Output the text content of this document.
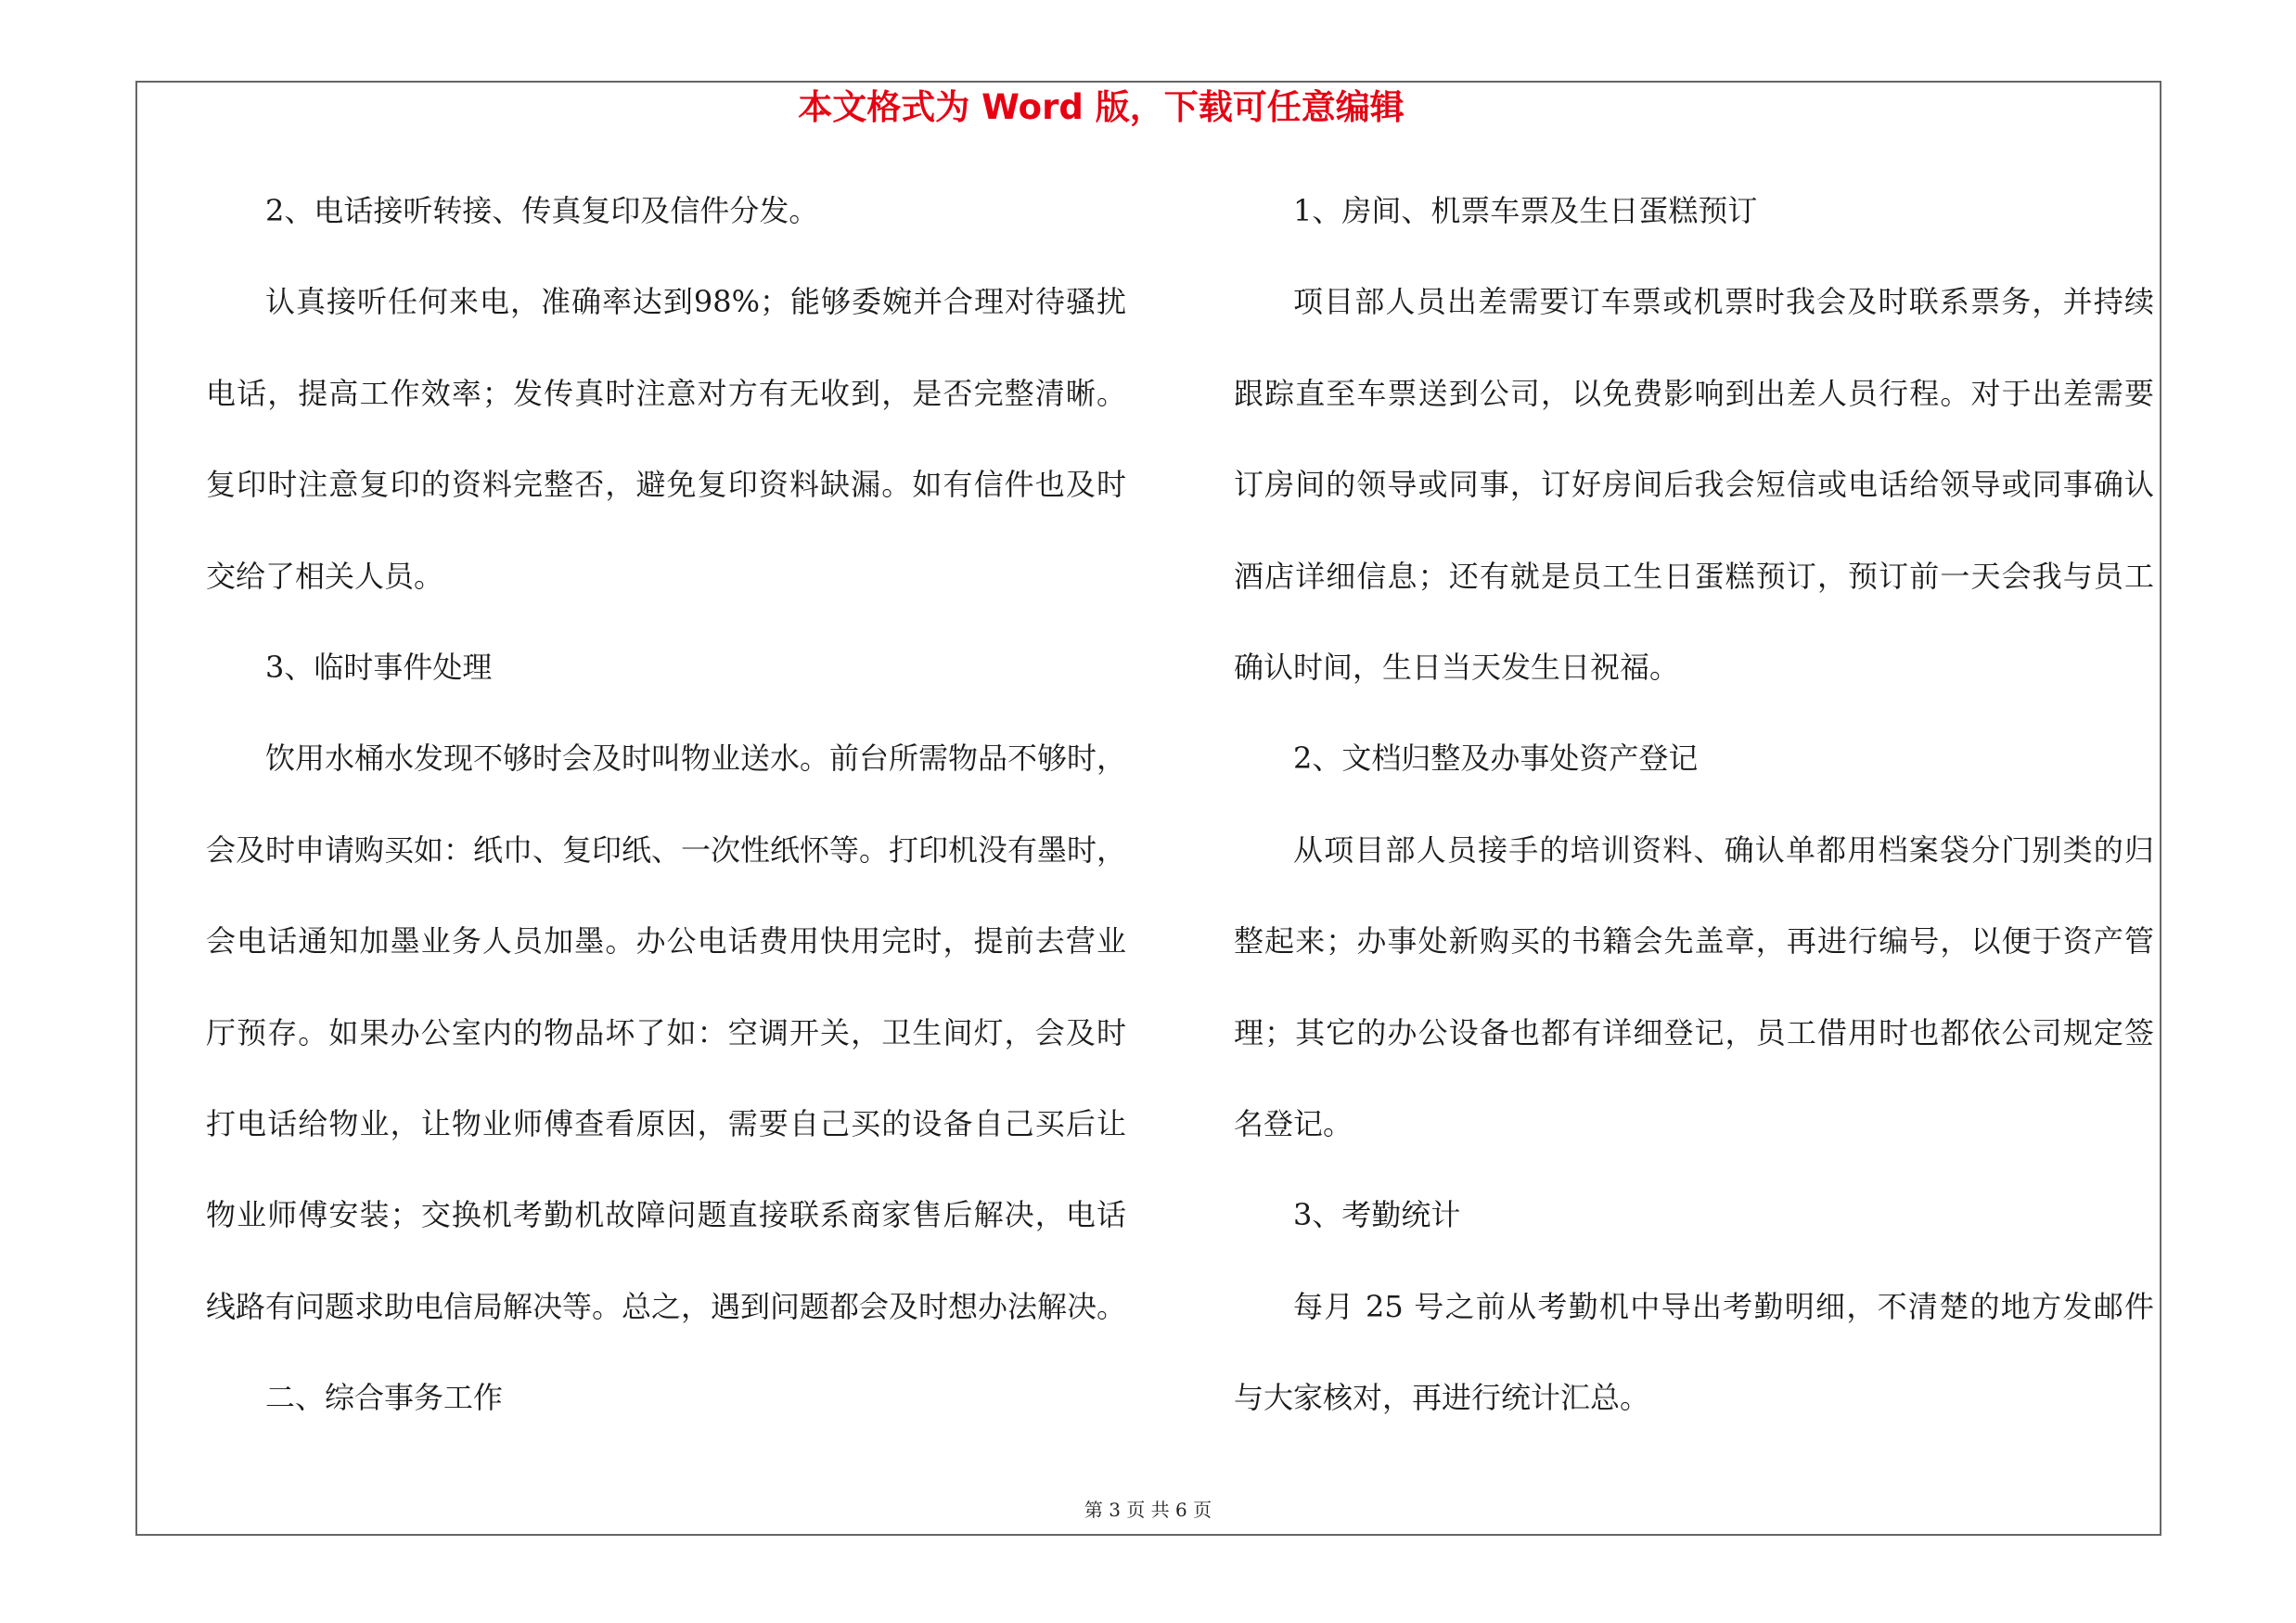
本文格式为 Word 版，下载可任意编辑
2、电话接听转接、传真复印及信件分发。
认真接听任何来电，准确率达到98%；能够委婉并合理对待骚扰
电话，提高工作效率；发传真时注意对方有无收到，是否完整清晰。
复印时注意复印的资料完整否，避免复印资料缺漏。如有信件也及时
交给了相关人员。
3、临时事件处理
饮用水桶水发现不够时会及时叫物业送水。前台所需物品不够时，
会及时申请购买如：纸巾、复印纸、一次性纸怀等。打印机没有墨时，
会电话通知加墨业务人员加墨。办公电话费用快用完时，提前去营业
厅预存。如果办公室内的物品坏了如：空调开关，卫生间灯，会及时
打电话给物业，让物业师傅查看原因，需要自己买的设备自己买后让
物业师傅安装；交换机考勤机故障问题直接联系商家售后解决，电话
线路有问题求助电信局解决等。总之，遇到问题都会及时想办法解决。
二、综合事务工作
1、房间、机票车票及生日蛋糕预订
项目部人员出差需要订车票或机票时我会及时联系票务，并持续
跟踪直至车票送到公司，以免费影响到出差人员行程。对于出差需要
订房间的领导或同事，订好房间后我会短信或电话给领导或同事确认
酒店详细信息；还有就是员工生日蛋糕预订，预订前一天会我与员工
确认时间，生日当天发生日祝福。
2、文档归整及办事处资产登记
从项目部人员接手的培训资料、确认单都用档案袋分门别类的归
整起来；办事处新购买的书籍会先盖章，再进行编号，以便于资产管
理；其它的办公设备也都有详细登记，员工借用时也都依公司规定签
名登记。
3、考勤统计
每月 25 号之前从考勤机中导出考勤明细，不清楚的地方发邮件
与大家核对，再进行统计汇总。
第 3 页 共 6 页
